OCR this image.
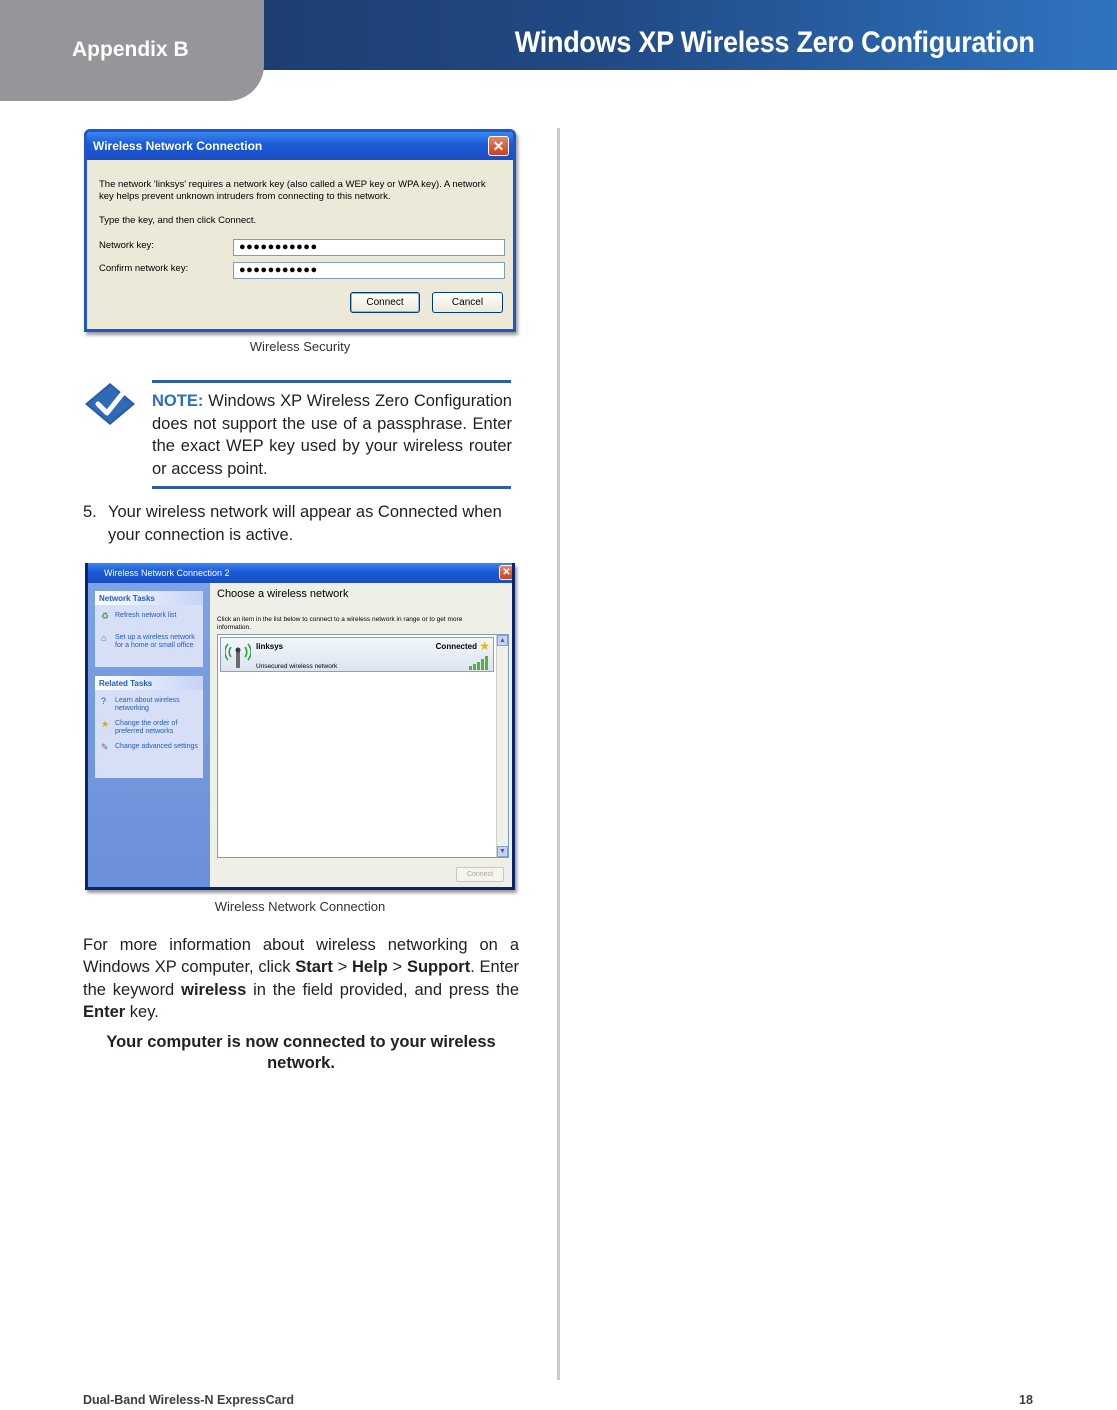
Appendix B	Windows XP Wireless Zero Configuration
Wireless Network Connection	✕
The network 'linksys' requires a network key (also called a WEP key or WPA key). A network key helps prevent unknown intruders from connecting to this network.
Type the key, and then click Connect.
Network key:	●●●●●●●●●●●
Confirm network key:	●●●●●●●●●●●
Connect	Cancel
Wireless Security
NOTE: Windows XP Wireless Zero Configuration does not support the use of a passphrase. Enter the exact WEP key used by your wireless router or access point.
5. Your wireless network will appear as Connected when your connection is active.
Wireless Network Connection 2	✕
Network Tasks
♻ Refresh network list
⌂ Set up a wireless network for a home or small office
Related Tasks
? Learn about wireless networking
★ Change the order of preferred networks
✎ Change advanced settings
Choose a wireless network
Click an item in the list below to connect to a wireless network in range or to get more information.
linksys	Connected ★
Unsecured wireless network
▲
▼
Connect
Wireless Network Connection
For more information about wireless networking on a Windows XP computer, click Start > Help > Support. Enter the keyword wireless in the field provided, and press the Enter key.
Your computer is now connected to your wireless network.
Dual-Band Wireless-N ExpressCard	18
